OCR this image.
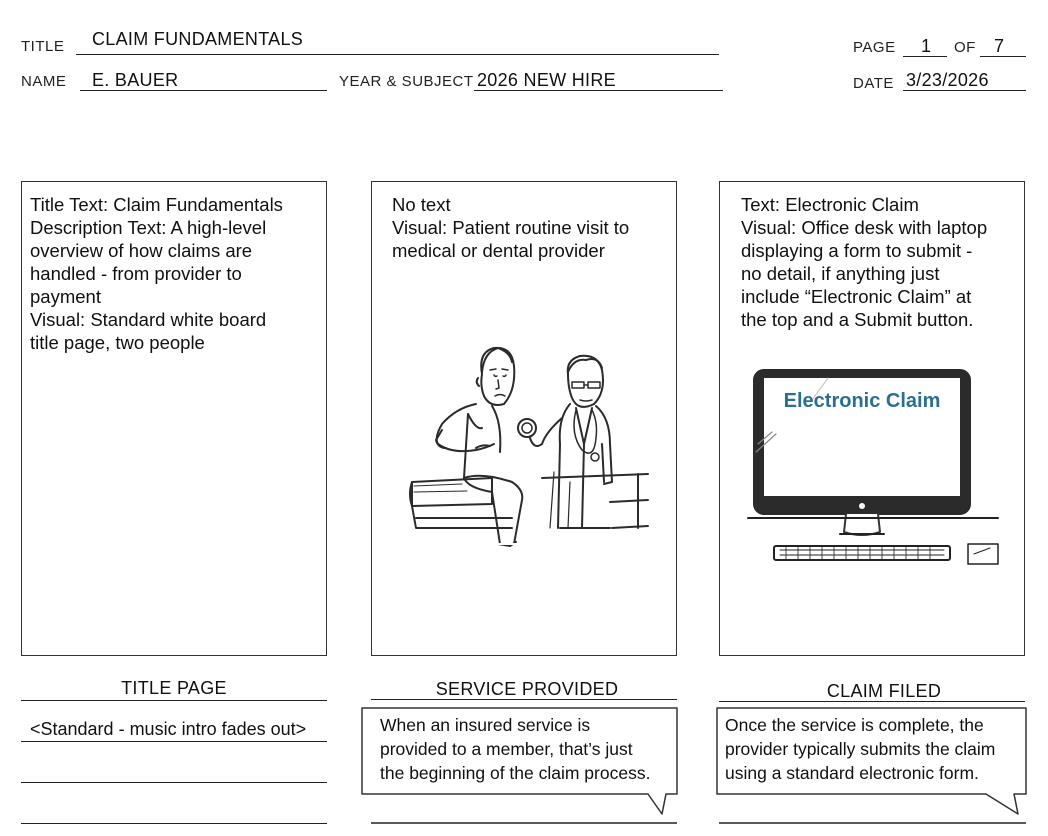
TITLE CLAIM FUNDAMENTALS
NAME E. BAUER	YEAR & SUBJECT 2026 NEW HIRE
PAGE 1 OF 7
DATE 3/23/2026
Title Text: Claim Fundamentals
Description Text: A high-level
overview of how claims are
handled - from provider to
payment
Visual: Standard white board
title page, two people
No text
Visual: Patient routine visit to
medical or dental provider
Text: Electronic Claim
Visual: Office desk with laptop
displaying a form to submit -
no detail, if anything just
include “Electronic Claim” at
the top and a Submit button.
Electronic Claim
TITLE PAGE	SERVICE PROVIDED	CLAIM FILED
<Standard - music intro fades out>	When an insured service is
provided to a member, that’s just
the beginning of the claim process.
Once the service is complete, the
provider typically submits the claim
using a standard electronic form.
